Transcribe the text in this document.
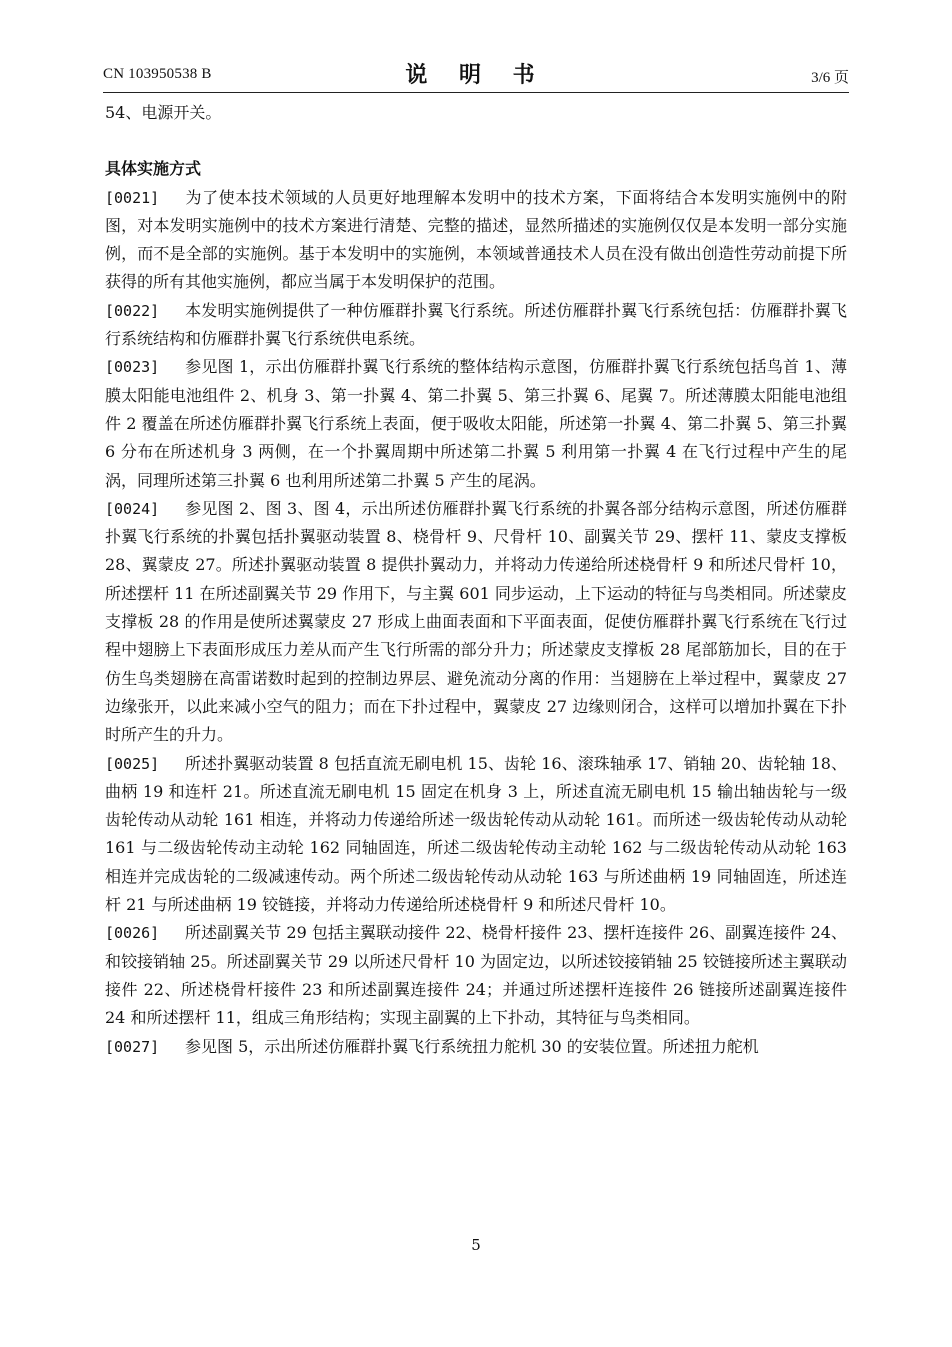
CN 103950538 B	说 明 书	3/6 页

54、电源开关。

具体实施方式

[0021] 为了使本技术领域的人员更好地理解本发明中的技术方案，下面将结合本发明实施例中的附图，对本发明实施例中的技术方案进行清楚、完整的描述，显然所描述的实施例仅仅是本发明一部分实施例，而不是全部的实施例。基于本发明中的实施例，本领域普通技术人员在没有做出创造性劳动前提下所获得的所有其他实施例，都应当属于本发明保护的范围。

[0022] 本发明实施例提供了一种仿雁群扑翼飞行系统。所述仿雁群扑翼飞行系统包括：仿雁群扑翼飞行系统结构和仿雁群扑翼飞行系统供电系统。

[0023] 参见图 1，示出仿雁群扑翼飞行系统的整体结构示意图，仿雁群扑翼飞行系统包括鸟首 1、薄膜太阳能电池组件 2、机身 3、第一扑翼 4、第二扑翼 5、第三扑翼 6、尾翼 7。所述薄膜太阳能电池组件 2 覆盖在所述仿雁群扑翼飞行系统上表面，便于吸收太阳能，所述第一扑翼 4、第二扑翼 5、第三扑翼 6 分布在所述机身 3 两侧，在一个扑翼周期中所述第二扑翼 5 利用第一扑翼 4 在飞行过程中产生的尾涡，同理所述第三扑翼 6 也利用所述第二扑翼 5 产生的尾涡。

[0024] 参见图 2、图 3、图 4，示出所述仿雁群扑翼飞行系统的扑翼各部分结构示意图，所述仿雁群扑翼飞行系统的扑翼包括扑翼驱动装置 8、桡骨杆 9、尺骨杆 10、副翼关节 29、摆杆 11、蒙皮支撑板 28、翼蒙皮 27。所述扑翼驱动装置 8 提供扑翼动力，并将动力传递给所述桡骨杆 9 和所述尺骨杆 10，所述摆杆 11 在所述副翼关节 29 作用下，与主翼 601 同步运动，上下运动的特征与鸟类相同。所述蒙皮支撑板 28 的作用是使所述翼蒙皮 27 形成上曲面表面和下平面表面，促使仿雁群扑翼飞行系统在飞行过程中翅膀上下表面形成压力差从而产生飞行所需的部分升力；所述蒙皮支撑板 28 尾部筋加长，目的在于仿生鸟类翅膀在高雷诺数时起到的控制边界层、避免流动分离的作用：当翅膀在上举过程中，翼蒙皮 27 边缘张开，以此来减小空气的阻力；而在下扑过程中，翼蒙皮 27 边缘则闭合，这样可以增加扑翼在下扑时所产生的升力。

[0025] 所述扑翼驱动装置 8 包括直流无刷电机 15、齿轮 16、滚珠轴承 17、销轴 20、齿轮轴 18、曲柄 19 和连杆 21。所述直流无刷电机 15 固定在机身 3 上，所述直流无刷电机 15 输出轴齿轮与一级齿轮传动从动轮 161 相连，并将动力传递给所述一级齿轮传动从动轮 161。而所述一级齿轮传动从动轮 161 与二级齿轮传动主动轮 162 同轴固连，所述二级齿轮传动主动轮 162 与二级齿轮传动从动轮 163 相连并完成齿轮的二级减速传动。两个所述二级齿轮传动从动轮 163 与所述曲柄 19 同轴固连，所述连杆 21 与所述曲柄 19 铰链接，并将动力传递给所述桡骨杆 9 和所述尺骨杆 10。

[0026] 所述副翼关节 29 包括主翼联动接件 22、桡骨杆接件 23、摆杆连接件 26、副翼连接件 24、和铰接销轴 25。所述副翼关节 29 以所述尺骨杆 10 为固定边，以所述铰接销轴 25 铰链接所述主翼联动接件 22、所述桡骨杆接件 23 和所述副翼连接件 24；并通过所述摆杆连接件 26 链接所述副翼连接件 24 和所述摆杆 11，组成三角形结构；实现主副翼的上下扑动，其特征与鸟类相同。

[0027] 参见图 5，示出所述仿雁群扑翼飞行系统扭力舵机 30 的安装位置。所述扭力舵机

5
